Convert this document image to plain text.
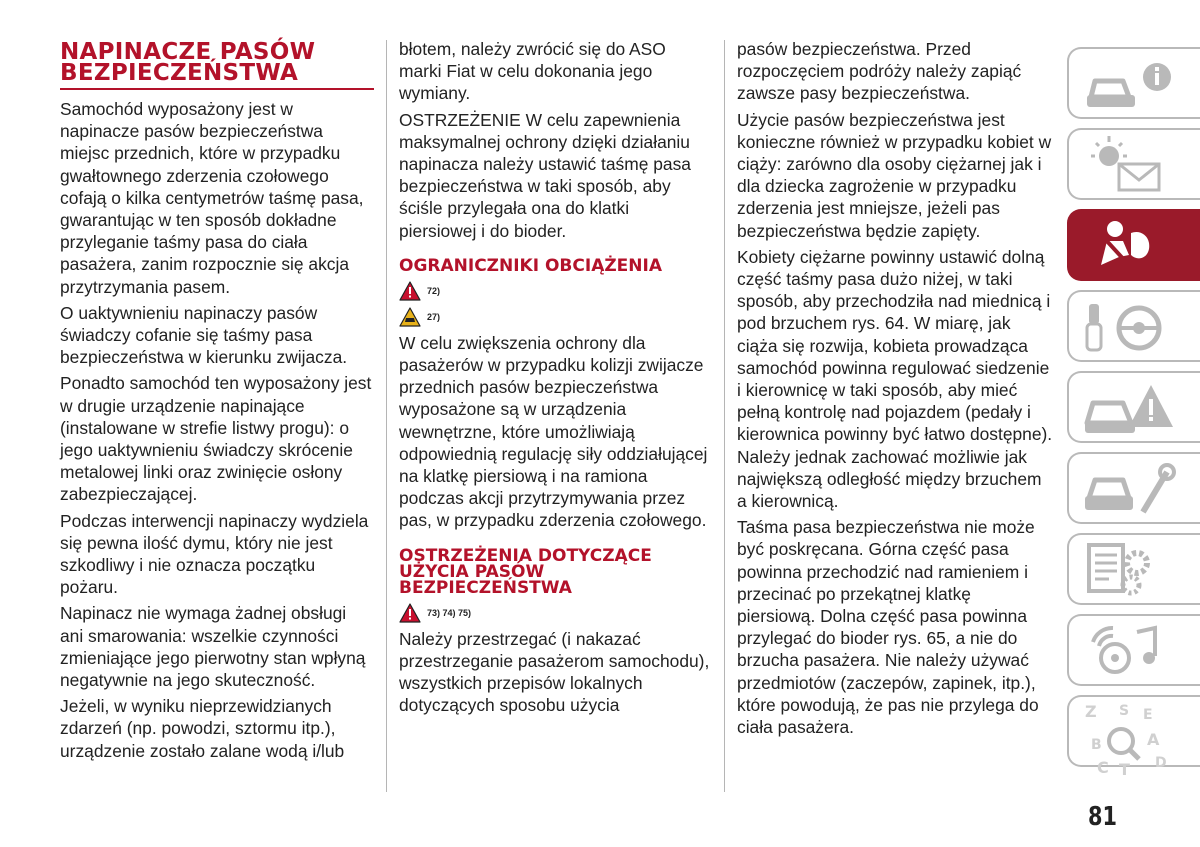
NAPINACZE PASÓW BEZPIECZEŃSTWA

Samochód wyposażony jest w napinacze pasów bezpieczeństwa miejsc przednich, które w przypadku gwałtownego zderzenia czołowego cofają o kilka centymetrów taśmę pasa, gwarantując w ten sposób dokładne przyleganie taśmy pasa do ciała pasażera, zanim rozpocznie się akcja przytrzymania pasem.

O uaktywnieniu napinaczy pasów świadczy cofanie się taśmy pasa bezpieczeństwa w kierunku zwijacza.

Ponadto samochód ten wyposażony jest w drugie urządzenie napinające (instalowane w strefie listwy progu): o jego uaktywnieniu świadczy skrócenie metalowej linki oraz zwinięcie osłony zabezpieczającej.

Podczas interwencji napinaczy wydziela się pewna ilość dymu, który nie jest szkodliwy i nie oznacza początku pożaru.

Napinacz nie wymaga żadnej obsługi ani smarowania: wszelkie czynności zmieniające jego pierwotny stan wpłyną negatywnie na jego skuteczność.

Jeżeli, w wyniku nieprzewidzianych zdarzeń (np. powodzi, sztormu itp.), urządzenie zostało zalane wodą i/lub

błotem, należy zwrócić się do ASO marki Fiat w celu dokonania jego wymiany.

OSTRZEŻENIE W celu zapewnienia maksymalnej ochrony dzięki działaniu napinacza należy ustawić taśmę pasa bezpieczeństwa w taki sposób, aby ściśle przylegała ona do klatki piersiowej i do bioder.

OGRANICZNIKI OBCIĄŻENIA
72)
27)

W celu zwiększenia ochrony dla pasażerów w przypadku kolizji zwijacze przednich pasów bezpieczeństwa wyposażone są w urządzenia wewnętrzne, które umożliwiają odpowiednią regulację siły oddziałującej na klatkę piersiową i na ramiona podczas akcji przytrzymywania przez pas, w przypadku zderzenia czołowego.

OSTRZEŻENIA DOTYCZĄCE UŻYCIA PASÓW BEZPIECZEŃSTWA
73) 74) 75)

Należy przestrzegać (i nakazać przestrzeganie pasażerom samochodu), wszystkich przepisów lokalnych dotyczących sposobu użycia

pasów bezpieczeństwa. Przed rozpoczęciem podróży należy zapiąć zawsze pasy bezpieczeństwa.

Użycie pasów bezpieczeństwa jest konieczne również w przypadku kobiet w ciąży: zarówno dla osoby ciężarnej jak i dla dziecka zagrożenie w przypadku zderzenia jest mniejsze, jeżeli pas bezpieczeństwa będzie zapięty.

Kobiety ciężarne powinny ustawić dolną część taśmy pasa dużo niżej, w taki sposób, aby przechodziła nad miednicą i pod brzuchem rys. 64. W miarę, jak ciąża się rozwija, kobieta prowadząca samochód powinna regulować siedzenie i kierownicę w taki sposób, aby mieć pełną kontrolę nad pojazdem (pedały i kierownica powinny być łatwo dostępne). Należy jednak zachować możliwie jak największą odległość między brzuchem a kierownicą.

Taśma pasa bezpieczeństwa nie może być poskręcana. Górna część pasa powinna przechodzić nad ramieniem i przecinać po przekątnej klatkę piersiową. Dolna część pasa powinna przylegać do bioder rys. 65, a nie do brzucha pasażera. Nie należy używać przedmiotów (zaczepów, zapinek, itp.), które powodują, że pas nie przylega do ciała pasażera.

Z S E
B	A
C T D
81
